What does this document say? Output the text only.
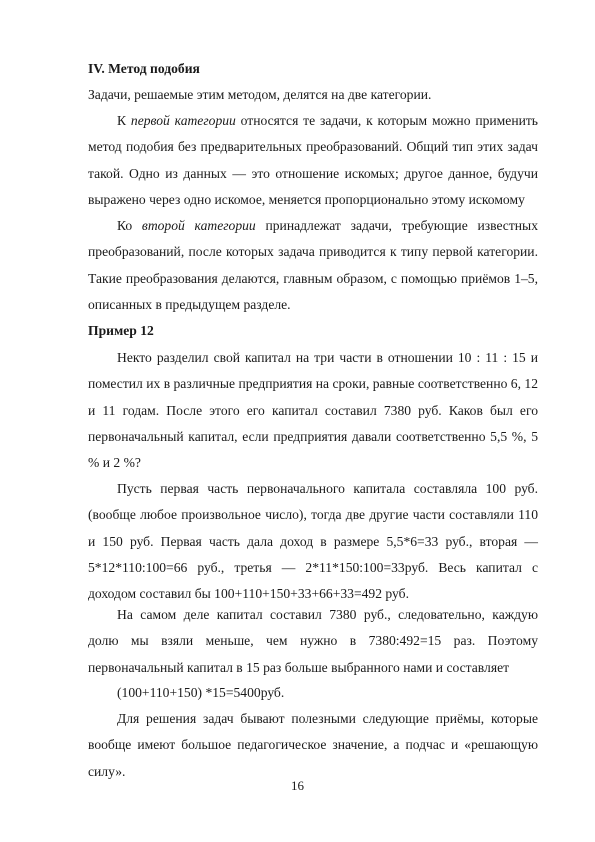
IV. Метод подобия
Задачи, решаемые этим методом, делятся на две категории.
К первой категории относятся те задачи, к которым можно применить метод подобия без предварительных преобразований. Общий тип этих задач такой. Одно из данных — это отношение искомых; другое данное, будучи выражено через одно искомое, меняется пропорционально этому искомому
Ко второй категории принадлежат задачи, требующие известных преобразований, после которых задача приводится к типу первой категории. Такие преобразования делаются, главным образом, с помощью приёмов 1–5, описанных в предыдущем разделе.
Пример 12
Некто разделил свой капитал на три части в отношении 10 : 11 : 15 и поместил их в различные предприятия на сроки, равные соответственно 6, 12 и 11 годам. После этого его капитал составил 7380 руб. Каков был его первоначальный капитал, если предприятия давали соответственно 5,5 %, 5 % и 2 %?
Пусть первая часть первоначального капитала составляла 100 руб. (вообще любое произвольное число), тогда две другие части составляли 110 и 150 руб. Первая часть дала доход в размере 5,5*6=33 руб., вторая — 5*12*110:100=66 руб., третья — 2*11*150:100=33руб. Весь капитал с доходом составил бы 100+110+150+33+66+33=492 руб.
На самом деле капитал составил 7380 руб., следовательно, каждую долю мы взяли меньше, чем нужно в 7380:492=15 раз. Поэтому первоначальный капитал в 15 раз больше выбранного нами и составляет
(100+110+150) *15=5400руб.
Для решения задач бывают полезными следующие приёмы, которые вообще имеют большое педагогическое значение, а подчас и «решающую силу».
16
